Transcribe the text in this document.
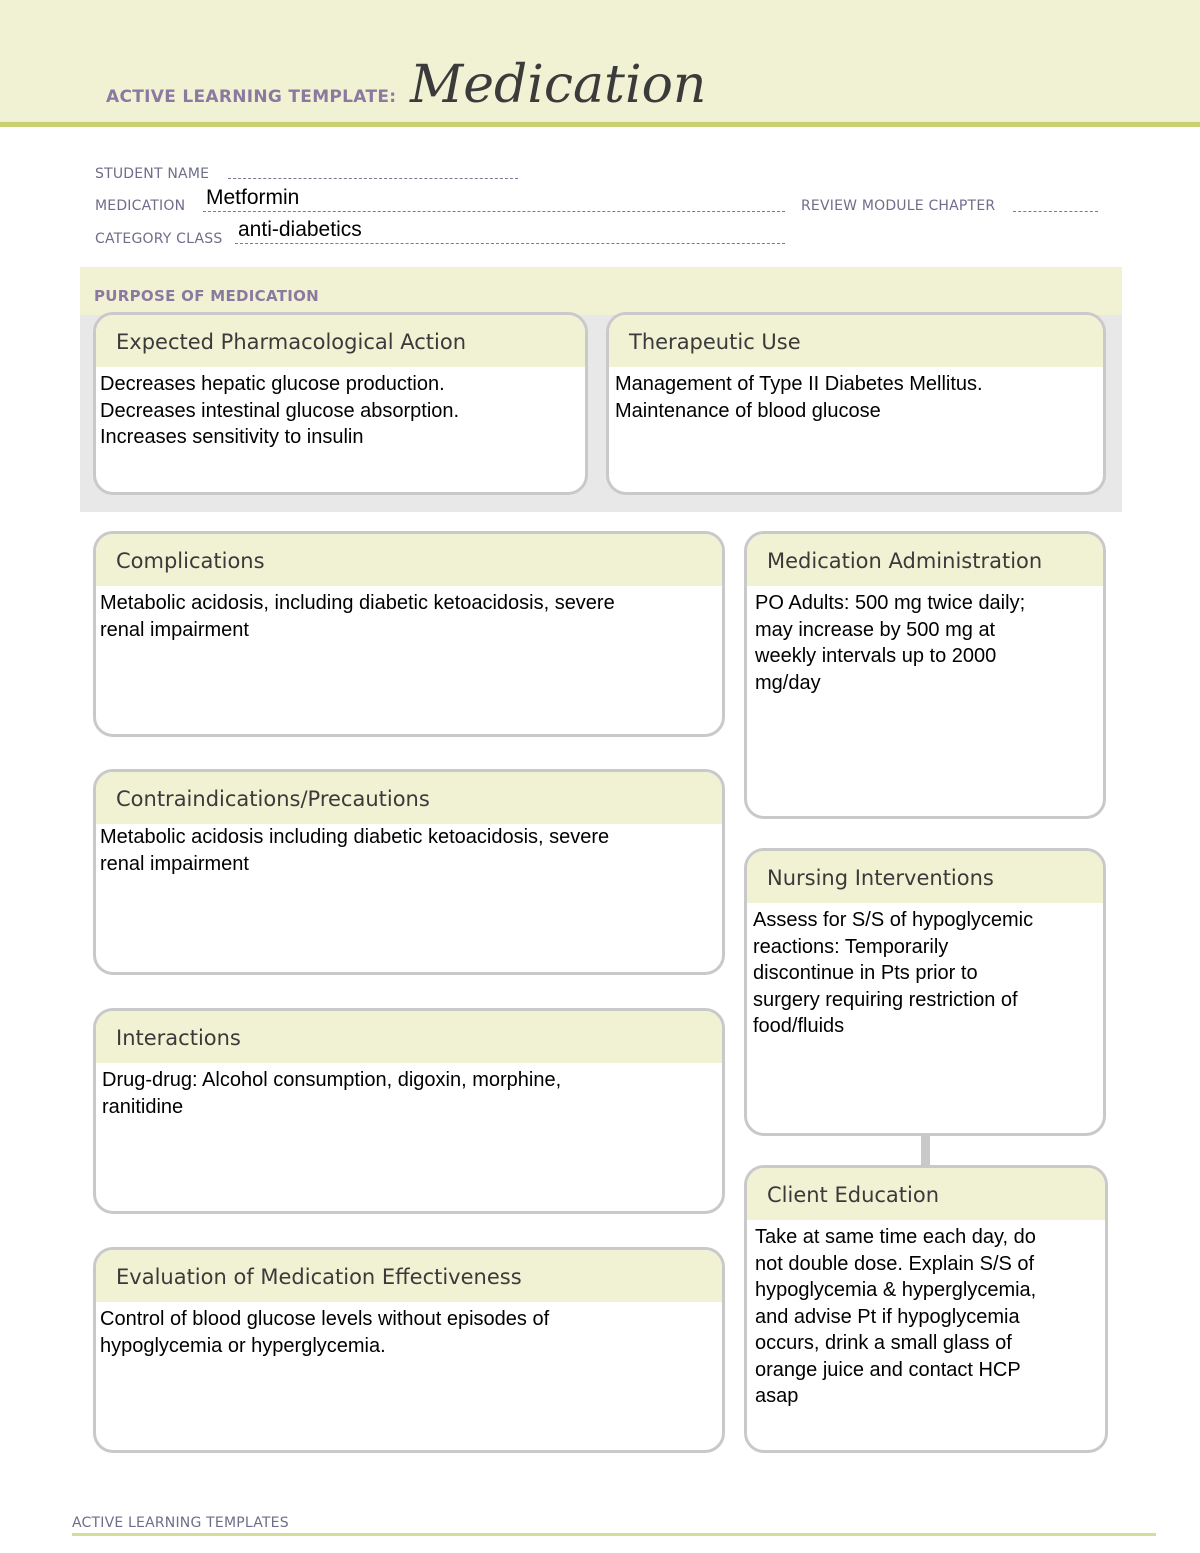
ACTIVE LEARNING TEMPLATE: Medication
STUDENT NAME
MEDICATION Metformin	REVIEW MODULE CHAPTER
CATEGORY CLASS anti-diabetics
PURPOSE OF MEDICATION
Expected Pharmacological Action
Decreases hepatic glucose production.
Decreases intestinal glucose absorption.
Increases sensitivity to insulin
Therapeutic Use
Management of Type II Diabetes Mellitus.
Maintenance of blood glucose
Complications
Metabolic acidosis, including diabetic ketoacidosis, severe
renal impairment
Contraindications/Precautions
Metabolic acidosis including diabetic ketoacidosis, severe
renal impairment
Interactions
Drug-drug: Alcohol consumption, digoxin, morphine,
ranitidine
Evaluation of Medication Effectiveness
Control of blood glucose levels without episodes of
hypoglycemia or hyperglycemia.
Medication Administration
PO Adults: 500 mg twice daily;
may increase by 500 mg at
weekly intervals up to 2000
mg/day
Nursing Interventions
Assess for S/S of hypoglycemic
reactions: Temporarily
discontinue in Pts prior to
surgery requiring restriction of
food/fluids
Client Education
Take at same time each day, do
not double dose. Explain S/S of
hypoglycemia & hyperglycemia,
and advise Pt if hypoglycemia
occurs, drink a small glass of
orange juice and contact HCP
asap
ACTIVE LEARNING TEMPLATES
